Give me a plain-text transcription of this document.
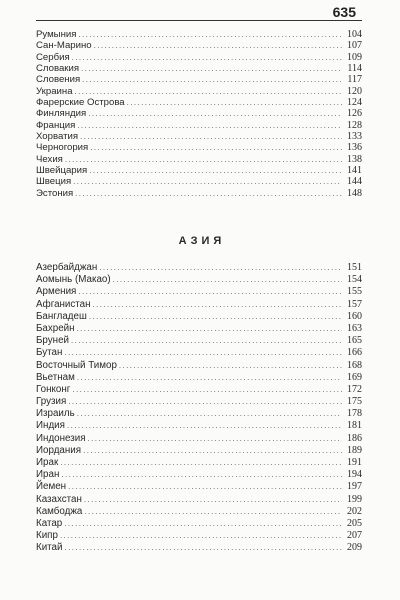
635
Румыния .....	104
Сан-Марино .....	107
Сербия .....	109
Словакия .....	114
Словения .....	117
Украина .....	120
Фарерские Острова .....	124
Финляндия .....	126
Франция .....	128
Хорватия .....	133
Черногория .....	136
Чехия .....	138
Швейцария .....	141
Швеция .....	144
Эстония .....	148
АЗИЯ
Азербайджан .....	151
Аомынь (Макао) .....	154
Армения .....	155
Афганистан .....	157
Бангладеш .....	160
Бахрейн .....	163
Бруней .....	165
Бутан .....	166
Восточный Тимор .....	168
Вьетнам .....	169
Гонконг .....	172
Грузия .....	175
Израиль .....	178
Индия .....	181
Индонезия .....	186
Иордания .....	189
Ирак .....	191
Иран .....	194
Йемен .....	197
Казахстан .....	199
Камбоджа .....	202
Катар .....	205
Кипр .....	207
Китай .....	209
